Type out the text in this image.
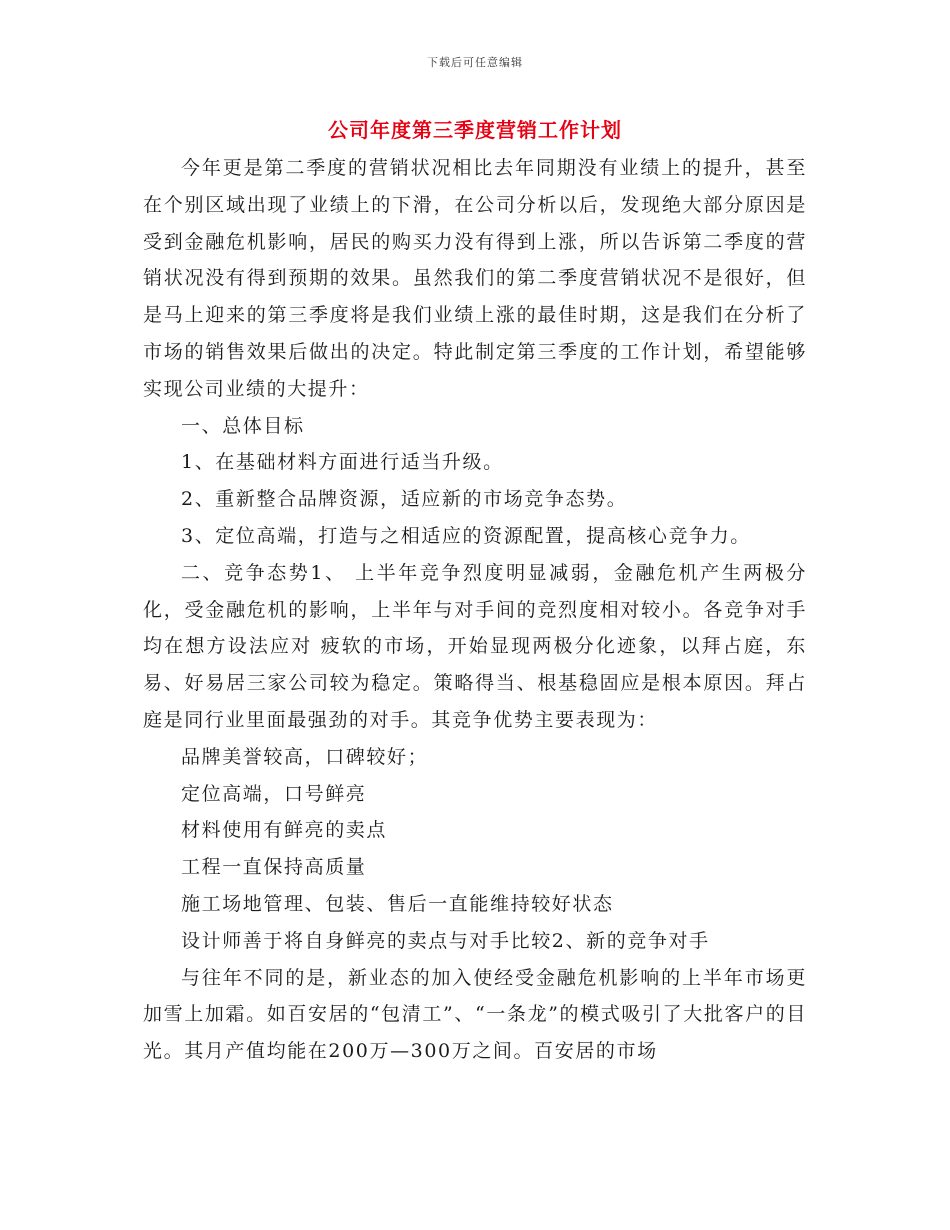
下载后可任意编辑
公司年度第三季度营销工作计划

今年更是第二季度的营销状况相比去年同期没有业绩上的提升，甚至在个别区域出现了业绩上的下滑，在公司分析以后，发现绝大部分原因是受到金融危机影响，居民的购买力没有得到上涨，所以告诉第二季度的营销状况没有得到预期的效果。虽然我们的第二季度营销状况不是很好，但是马上迎来的第三季度将是我们业绩上涨的最佳时期，这是我们在分析了市场的销售效果后做出的决定。特此制定第三季度的工作计划，希望能够实现公司业绩的大提升：

一、总体目标

1、在基础材料方面进行适当升级。

2、重新整合品牌资源，适应新的市场竞争态势。

3、定位高端，打造与之相适应的资源配置，提高核心竞争力。

二、竞争态势1、 上半年竞争烈度明显减弱，金融危机产生两极分化，受金融危机的影响，上半年与对手间的竞烈度相对较小。各竞争对手均在想方设法应对 疲软的市场，开始显现两极分化迹象，以拜占庭，东易、好易居三家公司较为稳定。策略得当、根基稳固应是根本原因。拜占庭是同行业里面最强劲的对手。其竞争优势主要表现为：

品牌美誉较高，口碑较好；

定位高端，口号鲜亮

材料使用有鲜亮的卖点

工程一直保持高质量

施工场地管理、包装、售后一直能维持较好状态

设计师善于将自身鲜亮的卖点与对手比较2、新的竞争对手

与往年不同的是，新业态的加入使经受金融危机影响的上半年市场更加雪上加霜。如百安居的“包清工”、“一条龙”的模式吸引了大批客户的目光。其月产值均能在200万—300万之间。百安居的市场
